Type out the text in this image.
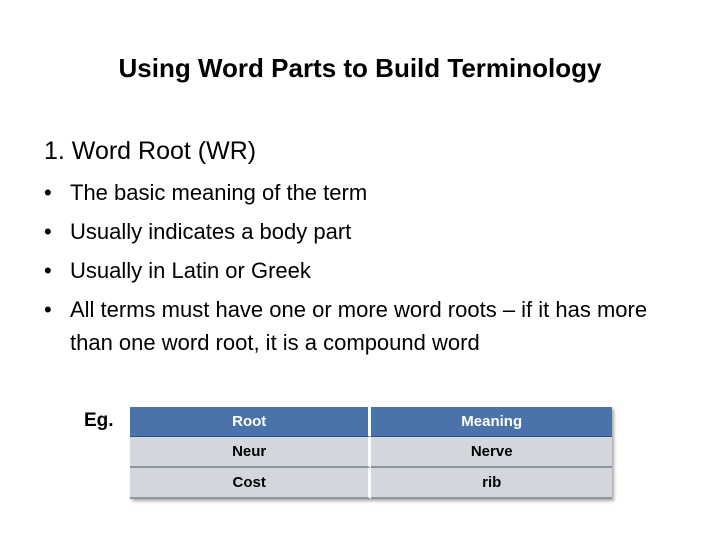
Using Word Parts to Build Terminology
1. Word Root (WR)
• The basic meaning of the term
• Usually indicates a body part
• Usually in Latin or Greek
• All terms must have one or more word roots – if it has more than one word root, it is a compound word
Eg.	Root	Meaning
Neur	Nerve
Cost	rib
